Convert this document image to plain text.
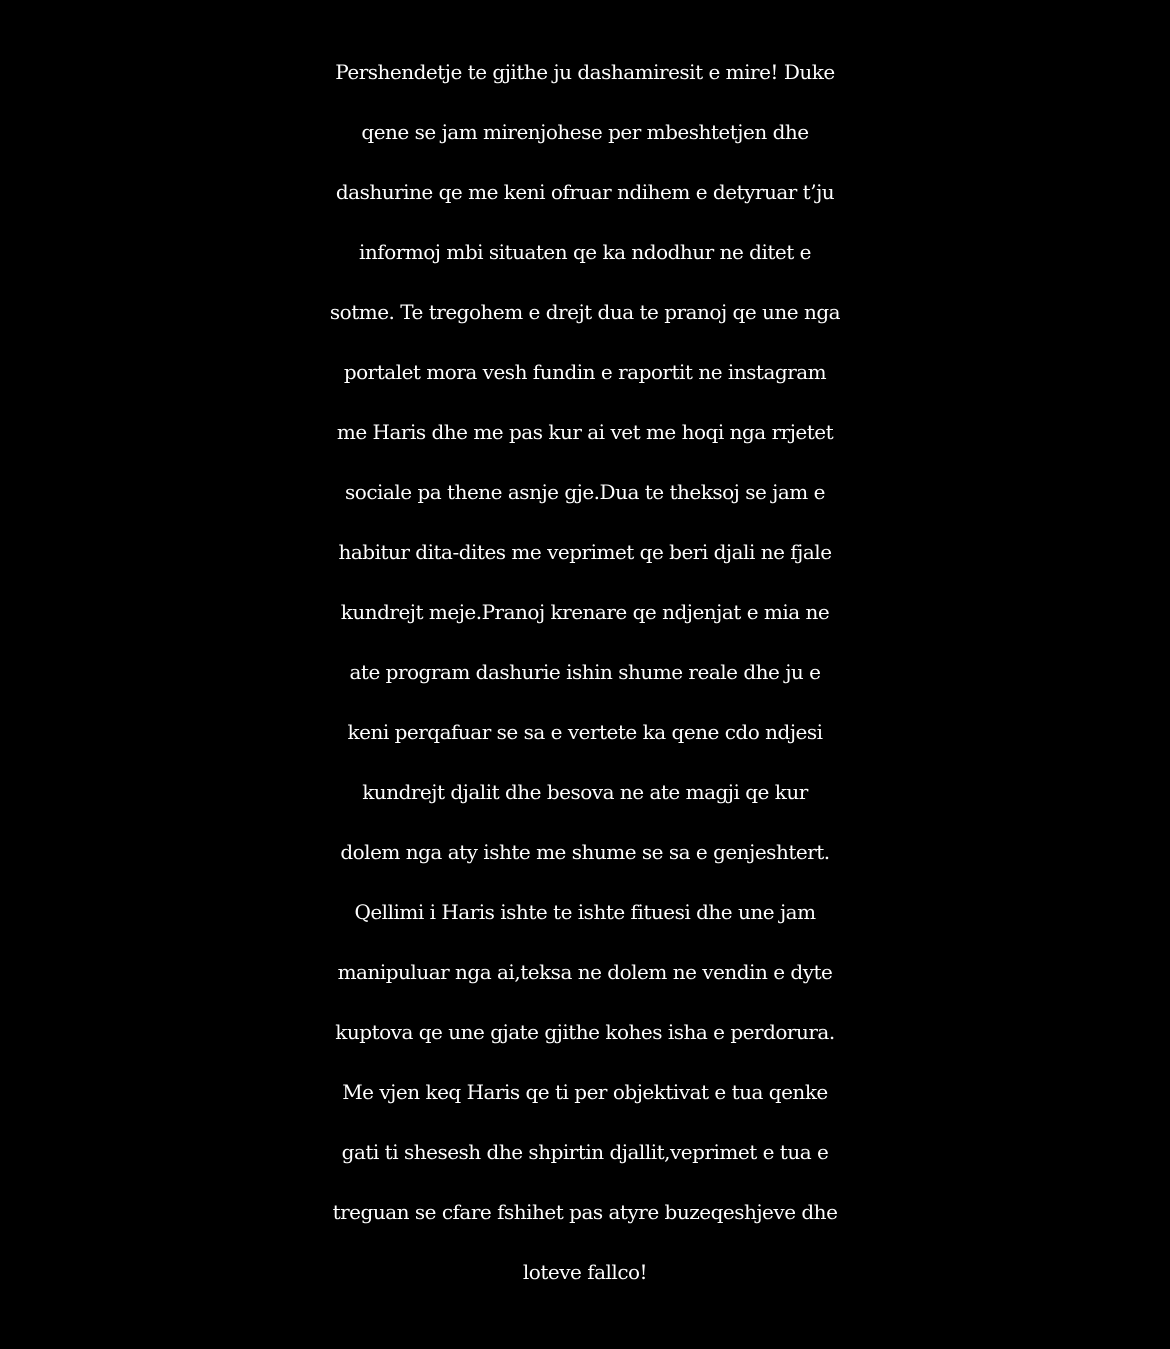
Pershendetje te gjithe ju dashamiresit e mire! Duke
qene se jam mirenjohese per mbeshtetjen dhe
dashurine qe me keni ofruar ndihem e detyruar t’ju
informoj mbi situaten qe ka ndodhur ne ditet e
sotme. Te tregohem e drejt dua te pranoj qe une nga
portalet mora vesh fundin e raportit ne instagram
me Haris dhe me pas kur ai vet me hoqi nga rrjetet
sociale pa thene asnje gje.Dua te theksoj se jam e
habitur dita-dites me veprimet qe beri djali ne fjale
kundrejt meje.Pranoj krenare qe ndjenjat e mia ne
ate program dashurie ishin shume reale dhe ju e
keni perqafuar se sa e vertete ka qene cdo ndjesi
kundrejt djalit dhe besova ne ate magji qe kur
dolem nga aty ishte me shume se sa e genjeshtert.
Qellimi i Haris ishte te ishte fituesi dhe une jam
manipuluar nga ai,teksa ne dolem ne vendin e dyte
kuptova qe une gjate gjithe kohes isha e perdorura.
Me vjen keq Haris qe ti per objektivat e tua qenke
gati ti shesesh dhe shpirtin djallit,veprimet e tua e
treguan se cfare fshihet pas atyre buzeqeshjeve dhe
loteve fallco!
